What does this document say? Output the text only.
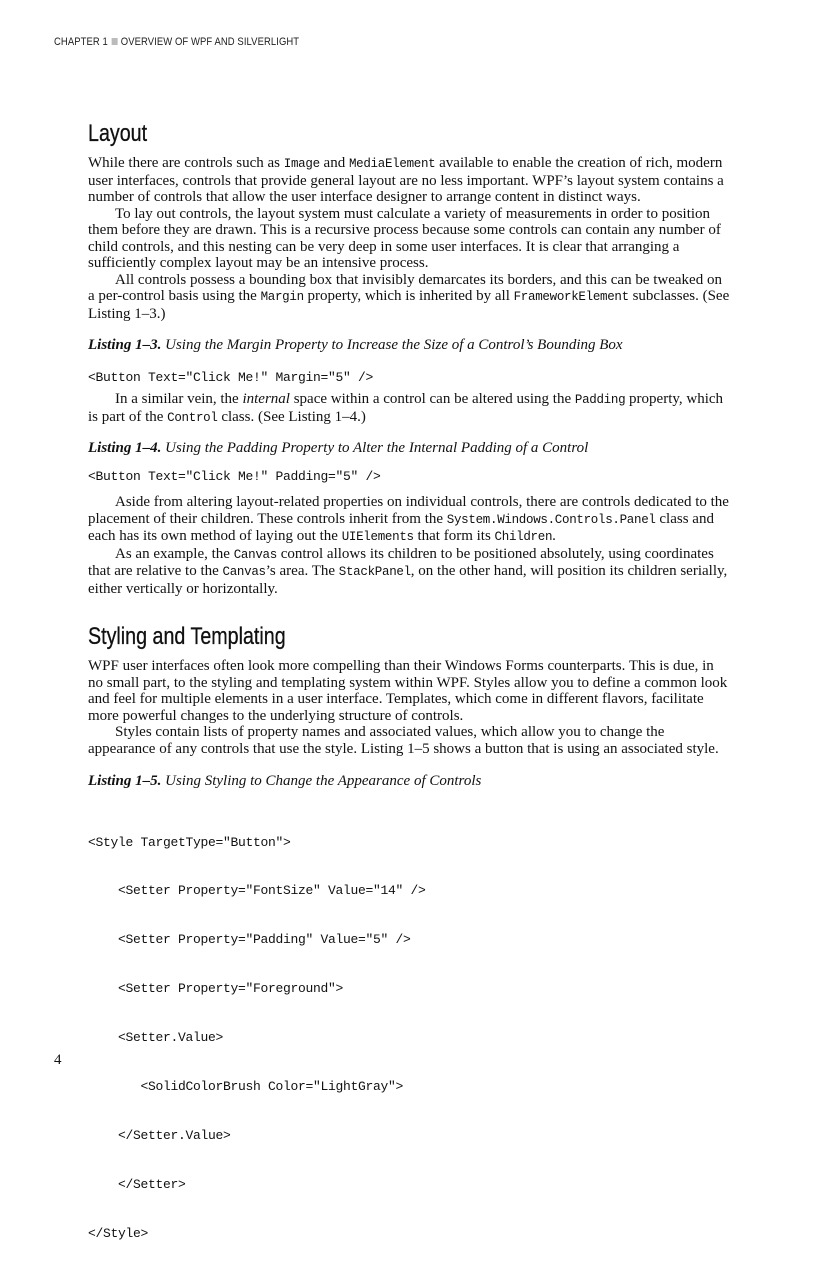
CHAPTER 1 OVERVIEW OF WPF AND SILVERLIGHT
Layout

While there are controls such as Image and MediaElement available to enable the creation of rich, modern user interfaces, controls that provide general layout are no less important. WPF’s layout system contains a number of controls that allow the user interface designer to arrange content in distinct ways.

To lay out controls, the layout system must calculate a variety of measurements in order to position them before they are drawn. This is a recursive process because some controls can contain any number of child controls, and this nesting can be very deep in some user interfaces. It is clear that arranging a sufficiently complex layout may be an intensive process.

All controls possess a bounding box that invisibly demarcates its borders, and this can be tweaked on a per-control basis using the Margin property, which is inherited by all FrameworkElement subclasses. (See Listing 1–3.)

Listing 1–3. Using the Margin Property to Increase the Size of a Control’s Bounding Box

<Button Text="Click Me!" Margin="5" />

In a similar vein, the internal space within a control can be altered using the Padding property, which is part of the Control class. (See Listing 1–4.)

Listing 1–4. Using the Padding Property to Alter the Internal Padding of a Control

<Button Text="Click Me!" Padding="5" />

Aside from altering layout-related properties on individual controls, there are controls dedicated to the placement of their children. These controls inherit from the System.Windows.Controls.Panel class and each has its own method of laying out the UIElements that form its Children.

As an example, the Canvas control allows its children to be positioned absolutely, using coordinates that are relative to the Canvas’s area. The StackPanel, on the other hand, will position its children serially, either vertically or horizontally.

Styling and Templating

WPF user interfaces often look more compelling than their Windows Forms counterparts. This is due, in no small part, to the styling and templating system within WPF. Styles allow you to define a common look and feel for multiple elements in a user interface. Templates, which come in different flavors, facilitate more powerful changes to the underlying structure of controls.

Styles contain lists of property names and associated values, which allow you to change the appearance of any controls that use the style. Listing 1–5 shows a button that is using an associated style.

Listing 1–5. Using Styling to Change the Appearance of Controls

<Style TargetType="Button">

<Setter Property="FontSize" Value="14" />

<Setter Property="Padding" Value="5" />

<Setter Property="Foreground">

<Setter.Value>

<SolidColorBrush Color="LightGray">

</Setter.Value>

</Setter>

</Style>

4
